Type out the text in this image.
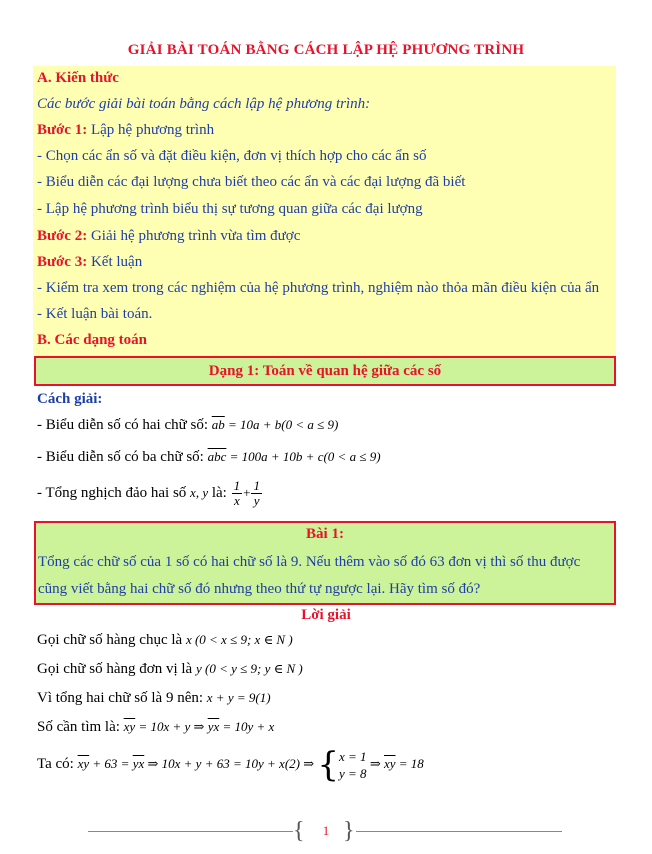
GIẢI BÀI TOÁN BẰNG CÁCH LẬP HỆ PHƯƠNG TRÌNH
A. Kiến thức
Các bước giải bài toán bằng cách lập hệ phương trình:
Bước 1: Lập hệ phương trình
- Chọn các ẩn số và đặt điều kiện, đơn vị thích hợp cho các ẩn số
- Biểu diễn các đại lượng chưa biết theo các ẩn và các đại lượng đã biết
- Lập hệ phương trình biểu thị sự tương quan giữa các đại lượng
Bước 2: Giải hệ phương trình vừa tìm được
Bước 3: Kết luận
- Kiểm tra xem trong các nghiệm của hệ phương trình, nghiệm nào thỏa mãn điều kiện của ẩn
- Kết luận bài toán.
B. Các dạng toán
Dạng 1: Toán về quan hệ giữa các số
Cách giải:
- Biểu diễn số có hai chữ số: $\overline{ab} = 10a + b(0 < a \le 9)$
- Biểu diễn số có ba chữ số: $\overline{abc} = 100a + 10b + c(0 < a \le 9)$
- Tổng nghịch đảo hai số x, y là: $\frac{1}{x} + \frac{1}{y}$
Bài 1:
Tổng các chữ số của 1 số có hai chữ số là 9. Nếu thêm vào số đó 63 đơn vị thì số thu được cũng viết bằng hai chữ số đó nhưng theo thứ tự ngược lại. Hãy tìm số đó?
Lời giải
Gọi chữ số hàng chục là x (0 < x ≤ 9; x ∈ N )
Gọi chữ số hàng đơn vị là y (0 < y ≤ 9; y ∈ N )
Vì tổng hai chữ số là 9 nên: x + y = 9(1)
Số cần tìm là: $\overline{xy} = 10x + y$ ⇒ $\overline{yx} = 10y + x$
Ta có: $\overline{xy} + 63 = \overline{yx}$ ⇒ 10x + y + 63 = 10y + x(2) ⇒ { x = 1
y = 8
⇒ $\overline{xy} = 18$
{	1 }
